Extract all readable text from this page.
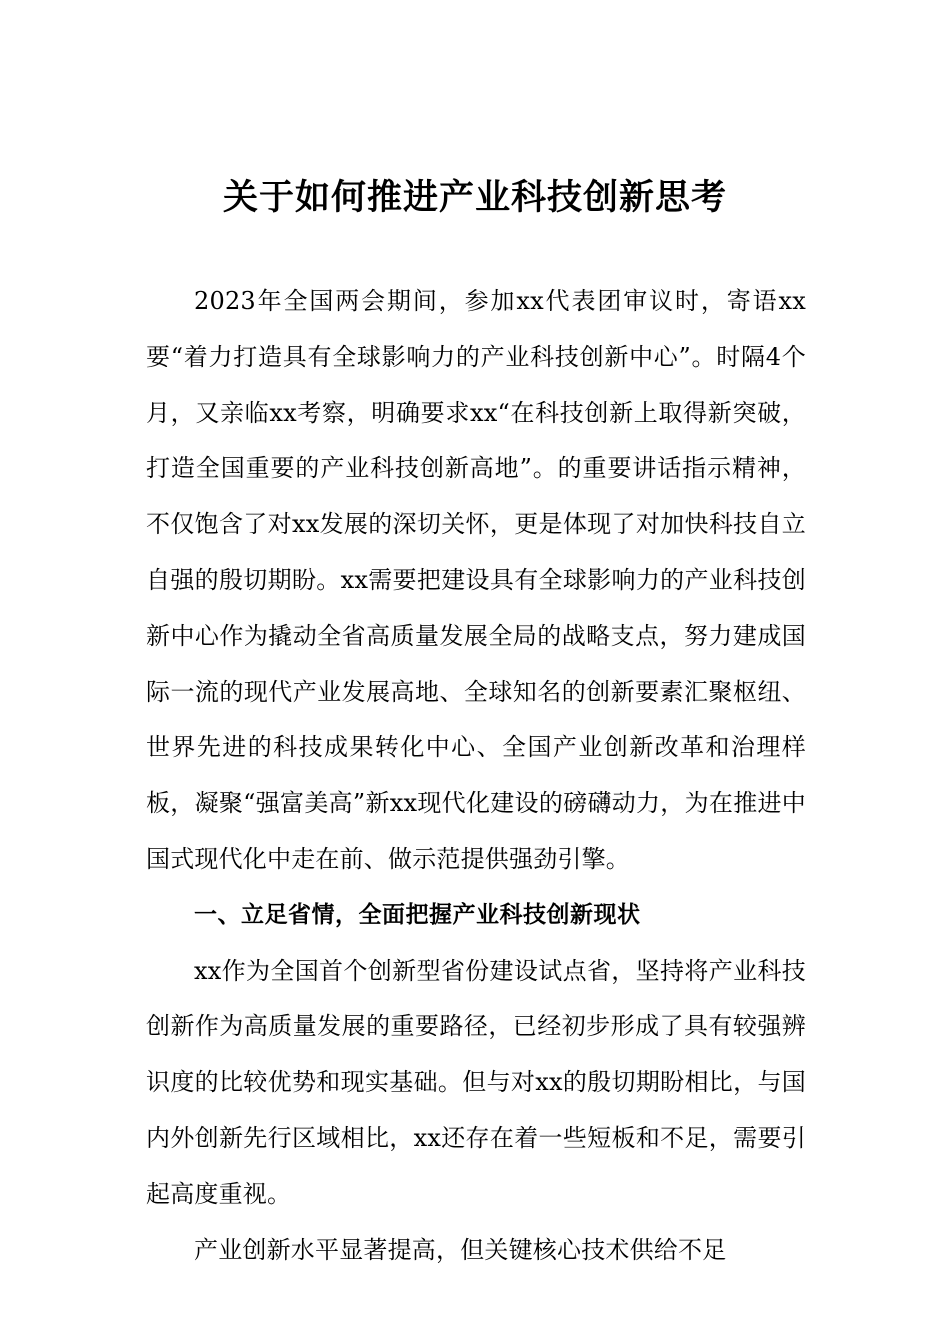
关于如何推进产业科技创新思考

2023年全国两会期间，参加xx代表团审议时，寄语xx要“着力打造具有全球影响力的产业科技创新中心”。时隔4个月，又亲临xx考察，明确要求xx“在科技创新上取得新突破，打造全国重要的产业科技创新高地”。的重要讲话指示精神，不仅饱含了对xx发展的深切关怀，更是体现了对加快科技自立自强的殷切期盼。xx需要把建设具有全球影响力的产业科技创新中心作为撬动全省高质量发展全局的战略支点，努力建成国际一流的现代产业发展高地、全球知名的创新要素汇聚枢纽、世界先进的科技成果转化中心、全国产业创新改革和治理样板，凝聚“强富美高”新xx现代化建设的磅礴动力，为在推进中国式现代化中走在前、做示范提供强劲引擎。

一、立足省情，全面把握产业科技创新现状

xx作为全国首个创新型省份建设试点省，坚持将产业科技创新作为高质量发展的重要路径，已经初步形成了具有较强辨识度的比较优势和现实基础。但与对xx的殷切期盼相比，与国内外创新先行区域相比，xx还存在着一些短板和不足，需要引起高度重视。

产业创新水平显著提高，但关键核心技术供给不足
